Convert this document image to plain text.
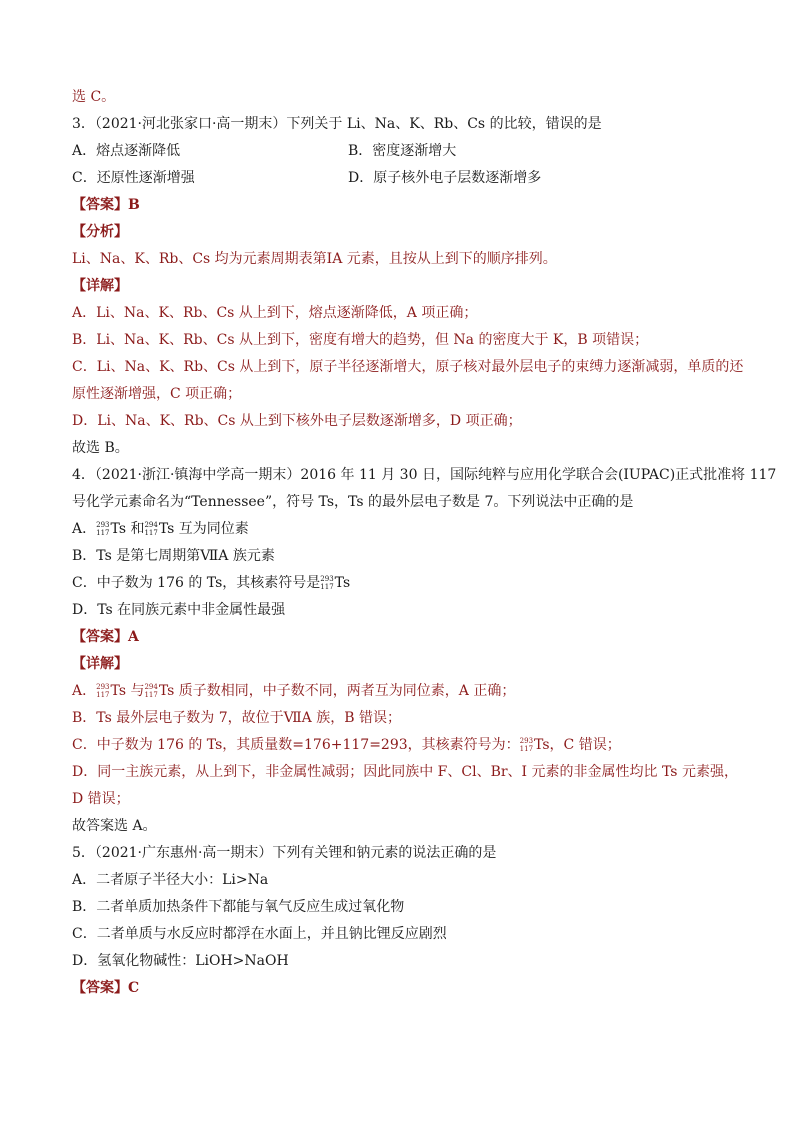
选 C。
3．（2021·河北张家口·高一期末）下列关于 Li、Na、K、Rb、Cs 的比较，错误的是
A．熔点逐渐降低	B．密度逐渐增大
C．还原性逐渐增强	D．原子核外电子层数逐渐增多
【答案】B
【分析】
Li、Na、K、Rb、Cs 均为元素周期表第ⅠA 元素，且按从上到下的顺序排列。
【详解】
A．Li、Na、K、Rb、Cs 从上到下，熔点逐渐降低，A 项正确；
B．Li、Na、K、Rb、Cs 从上到下，密度有增大的趋势，但 Na 的密度大于 K，B 项错误；
C．Li、Na、K、Rb、Cs 从上到下，原子半径逐渐增大，原子核对最外层电子的束缚力逐渐减弱，单质的还
原性逐渐增强，C 项正确；
D．Li、Na、K、Rb、Cs 从上到下核外电子层数逐渐增多，D 项正确；
故选 B。
4．（2021·浙江·镇海中学高一期末）2016 年 11 月 30 日，国际纯粹与应用化学联合会(IUPAC)正式批准将 117
号化学元素命名为“Tennessee”，符号 Ts，Ts 的最外层电子数是 7。下列说法中正确的是
A． 293
117 Ts 和 294
117 Ts 互为同位素
B．Ts 是第七周期第ⅦA 族元素
C．中子数为 176 的 Ts，其核素符号是 293
117 Ts
D．Ts 在同族元素中非金属性最强
【答案】A
【详解】
A． 293
117 Ts 与 294
117 Ts 质子数相同，中子数不同，两者互为同位素，A 正确；
B．Ts 最外层电子数为 7，故位于ⅦA 族，B 错误；
C．中子数为 176 的 Ts，其质量数=176+117=293，其核素符号为： 293
117 Ts，C 错误；
D．同一主族元素，从上到下，非金属性减弱；因此同族中 F、Cl、Br、I 元素的非金属性均比 Ts 元素强，
D 错误；
故答案选 A。
5．（2021·广东惠州·高一期末）下列有关锂和钠元素的说法正确的是
A．二者原子半径大小：Li>Na
B．二者单质加热条件下都能与氧气反应生成过氧化物
C．二者单质与水反应时都浮在水面上，并且钠比锂反应剧烈
D．氢氧化物碱性：LiOH>NaOH
【答案】C
